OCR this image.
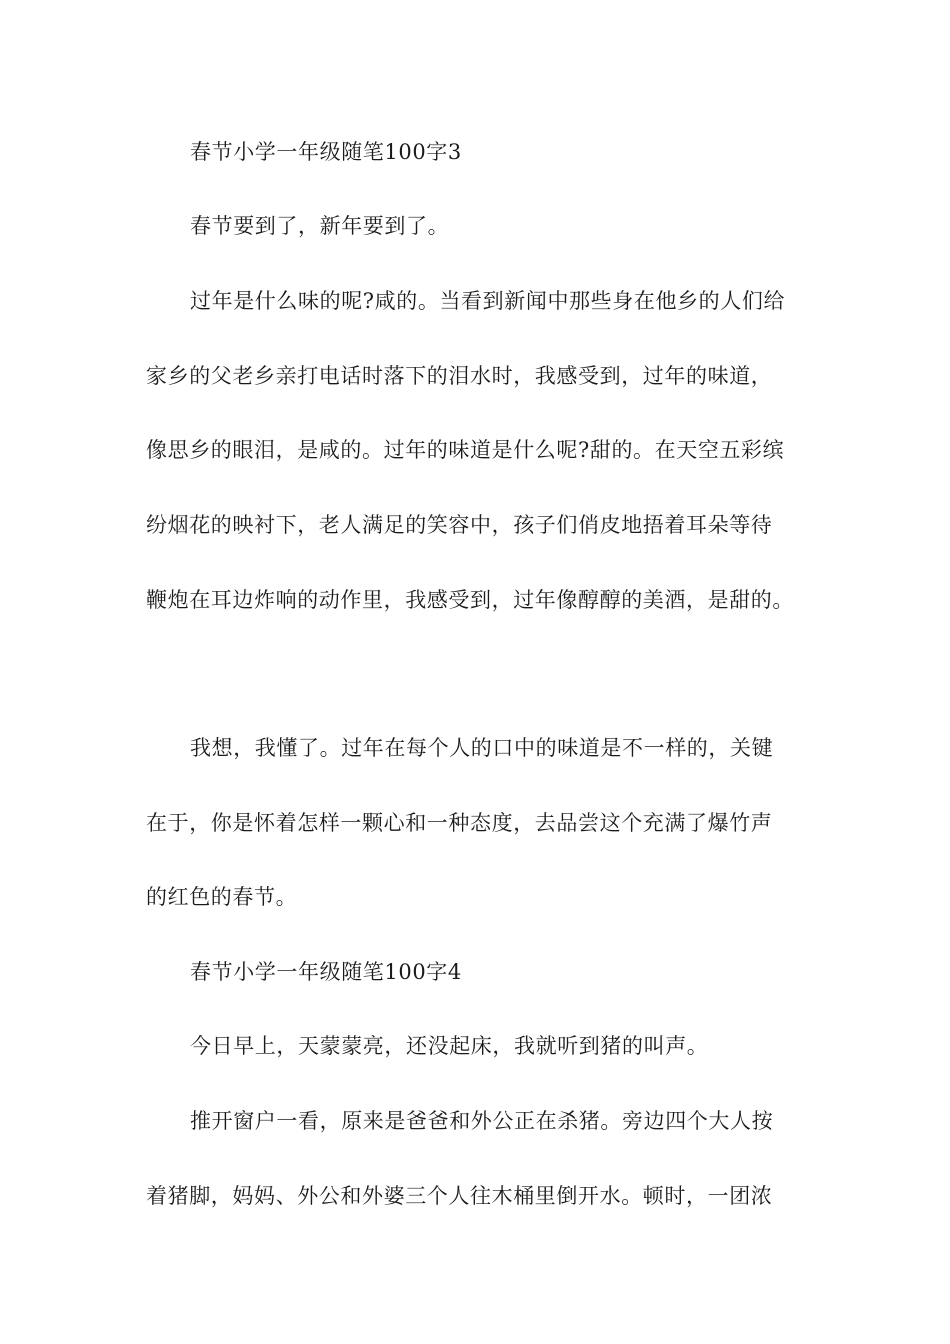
春节小学一年级随笔100字3
春节要到了，新年要到了。
过年是什么味的呢?咸的。当看到新闻中那些身在他乡的人们给
家乡的父老乡亲打电话时落下的泪水时，我感受到，过年的味道，
像思乡的眼泪，是咸的。过年的味道是什么呢?甜的。在天空五彩缤
纷烟花的映衬下，老人满足的笑容中，孩子们俏皮地捂着耳朵等待
鞭炮在耳边炸响的动作里，我感受到，过年像醇醇的美酒，是甜的。
我想，我懂了。过年在每个人的口中的味道是不一样的，关键
在于，你是怀着怎样一颗心和一种态度，去品尝这个充满了爆竹声
的红色的春节。
春节小学一年级随笔100字4
今日早上，天蒙蒙亮，还没起床，我就听到猪的叫声。
推开窗户一看，原来是爸爸和外公正在杀猪。旁边四个大人按
着猪脚，妈妈、外公和外婆三个人往木桶里倒开水。顿时，一团浓
